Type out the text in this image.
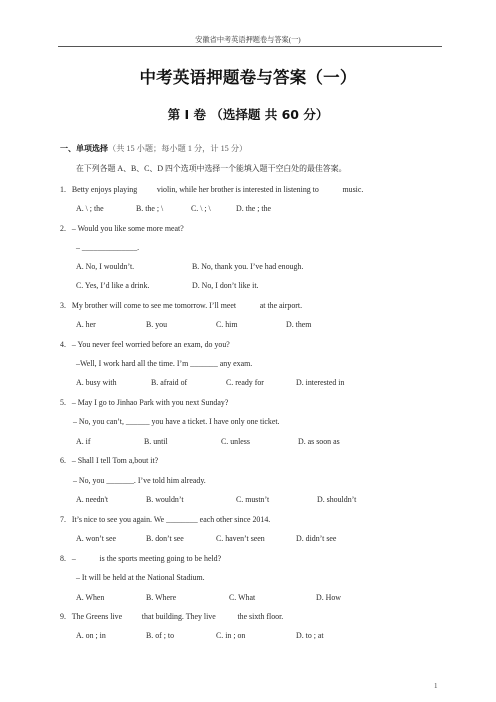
安徽省中考英语押题卷与答案(一)
中考英语押题卷与答案（一）
第 I 卷 （选择题 共 60 分）
一、单项选择（共 15 小题；每小题 1 分，计 15 分）
在下列各题 A、B、C、D 四个选项中选择一个能填入题干空白处的最佳答案。
1.   Betty enjoys playing          violin, while her brother is interested in listening to            music.
A. \ ; the	B. the ; \	C. \ ; \	D. the ; the
2.   – Would you like some more meat?
– ______________.
A. No, I wouldn’t.	B. No, thank you. I’ve had enough.
C. Yes, I’d like a drink.	D. No, I don’t like it.
3.   My brother will come to see me tomorrow. I’ll meet            at the airport.
A. her	B. you	C. him	D. them
4.   – You never feel worried before an exam, do you?
–Well, I work hard all the time. I’m _______ any exam.
A. busy with	B. afraid of	C. ready for	D. interested in
5.   – May I go to Jinhao Park with you next Sunday?
– No, you can’t, ______ you have a ticket. I have only one ticket.
A. if	B. until	C. unless	D. as soon as
6.   – Shall I tell Tom a,bout it?
– No, you _______. I’ve told him already.
A. needn't	B. wouldn’t	C. mustn’t	D. shouldn’t
7.   It’s nice to see you again. We ________ each other since 2014.
A. won’t see	B. don’t see	C. haven’t seen	D. didn’t see
8.   –            is the sports meeting going to be held?
– It will be held at the National Stadium.
A. When	B. Where	C. What	D. How
9.   The Greens live          that building. They live           the sixth floor.
A. on ; in	B. of ; to	C. in ; on	D. to ; at
1
